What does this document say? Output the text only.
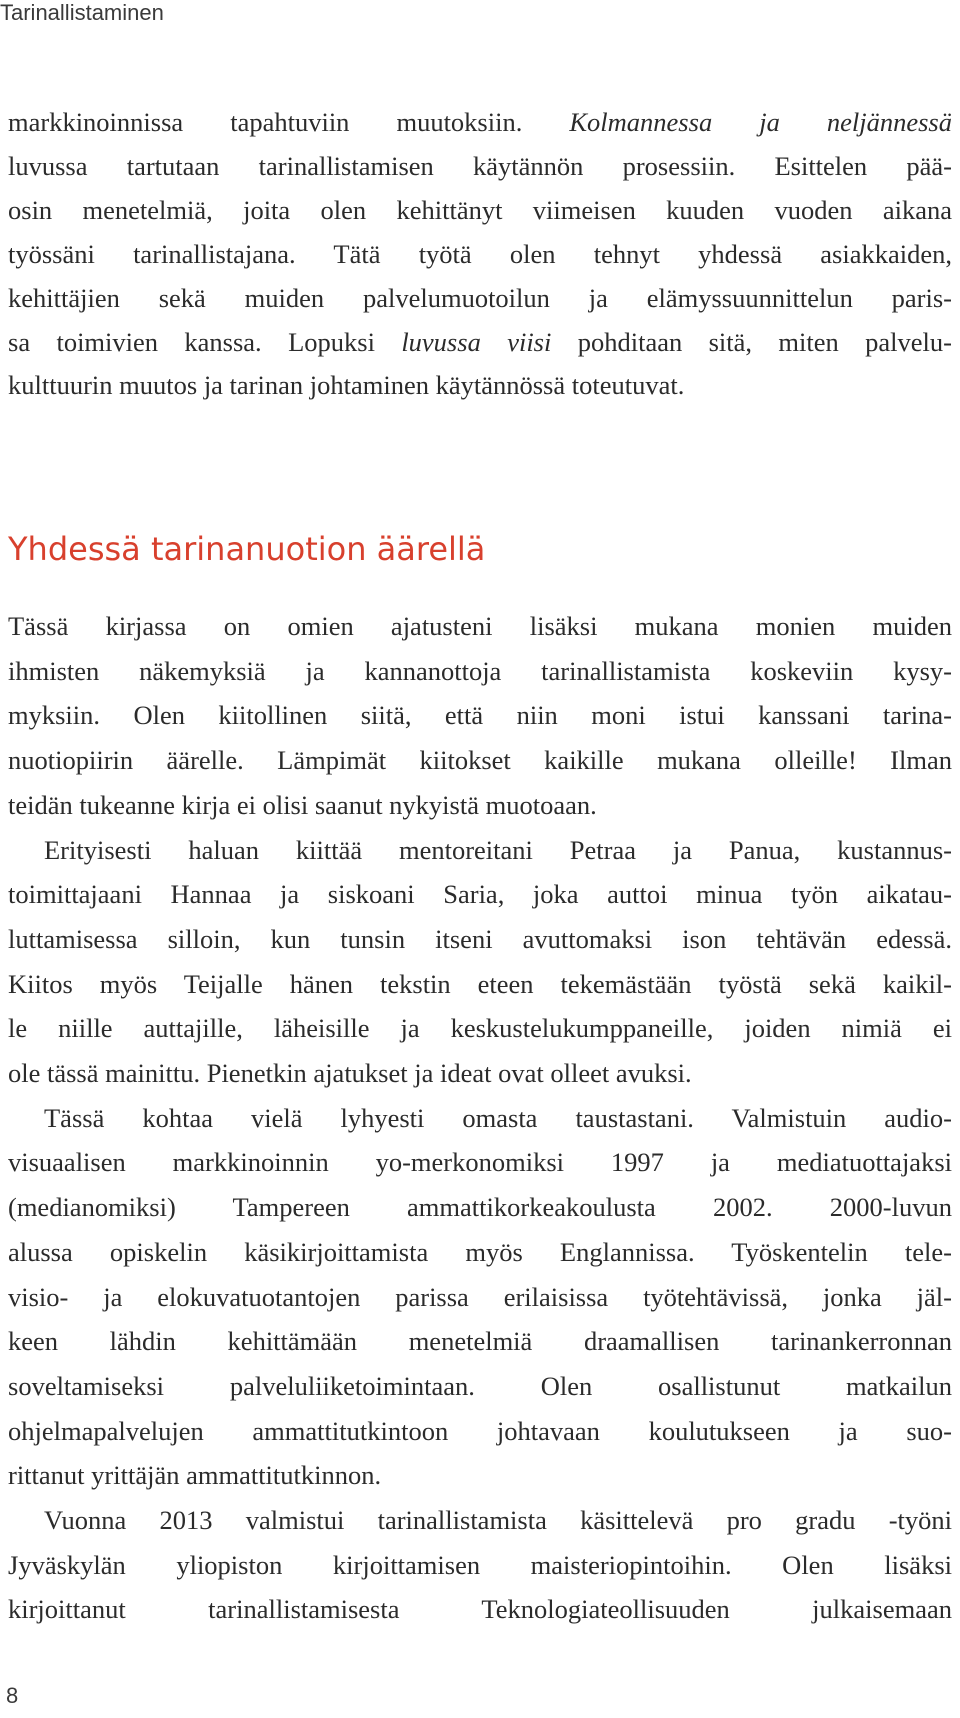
Tarinallistaminen
markkinoinnissa tapahtuviin muutoksiin. Kolmannessa ja neljännessä
luvussa tartutaan tarinallistamisen käytännön prosessiin. Esittelen pää-
osin menetelmiä, joita olen kehittänyt viimeisen kuuden vuoden aikana
työssäni tarinallistajana. Tätä työtä olen tehnyt yhdessä asiakkaiden,
kehittäjien sekä muiden palvelumuotoilun ja elämyssuunnittelun paris-
sa toimivien kanssa. Lopuksi luvussa viisi pohditaan sitä, miten palvelu-
kulttuurin muutos ja tarinan johtaminen käytännössä toteutuvat.
Yhdessä tarinanuotion äärellä
Tässä kirjassa on omien ajatusteni lisäksi mukana monien muiden
ihmisten näkemyksiä ja kannanottoja tarinallistamista koskeviin kysy-
myksiin. Olen kiitollinen siitä, että niin moni istui kanssani tarina-
nuotiopiirin äärelle. Lämpimät kiitokset kaikille mukana olleille! Ilman
teidän tukeanne kirja ei olisi saanut nykyistä muotoaan.
Erityisesti haluan kiittää mentoreitani Petraa ja Panua, kustannus-
toimittajaani Hannaa ja siskoani Saria, joka auttoi minua työn aikatau-
luttamisessa silloin, kun tunsin itseni avuttomaksi ison tehtävän edessä.
Kiitos myös Teijalle hänen tekstin eteen tekemästään työstä sekä kaikil-
le niille auttajille, läheisille ja keskustelukumppaneille, joiden nimiä ei
ole tässä mainittu. Pienetkin ajatukset ja ideat ovat olleet avuksi.
Tässä kohtaa vielä lyhyesti omasta taustastani. Valmistuin audio-
visuaalisen markkinoinnin yo-merkonomiksi 1997 ja mediatuottajaksi
(medianomiksi) Tampereen ammattikorkeakoulusta 2002. 2000-luvun
alussa opiskelin käsikirjoittamista myös Englannissa. Työskentelin tele-
visio- ja elokuvatuotantojen parissa erilaisissa työtehtävissä, jonka jäl-
keen lähdin kehittämään menetelmiä draamallisen tarinankerronnan
soveltamiseksi palveluliiketoimintaan. Olen osallistunut matkailun
ohjelmapalvelujen ammattitutkintoon johtavaan koulutukseen ja suo-
rittanut yrittäjän ammattitutkinnon.
Vuonna 2013 valmistui tarinallistamista käsittelevä pro gradu -työni
Jyväskylän yliopiston kirjoittamisen maisteriopintoihin. Olen lisäksi
kirjoittanut tarinallistamisesta Teknologiateollisuuden julkaisemaan
8
